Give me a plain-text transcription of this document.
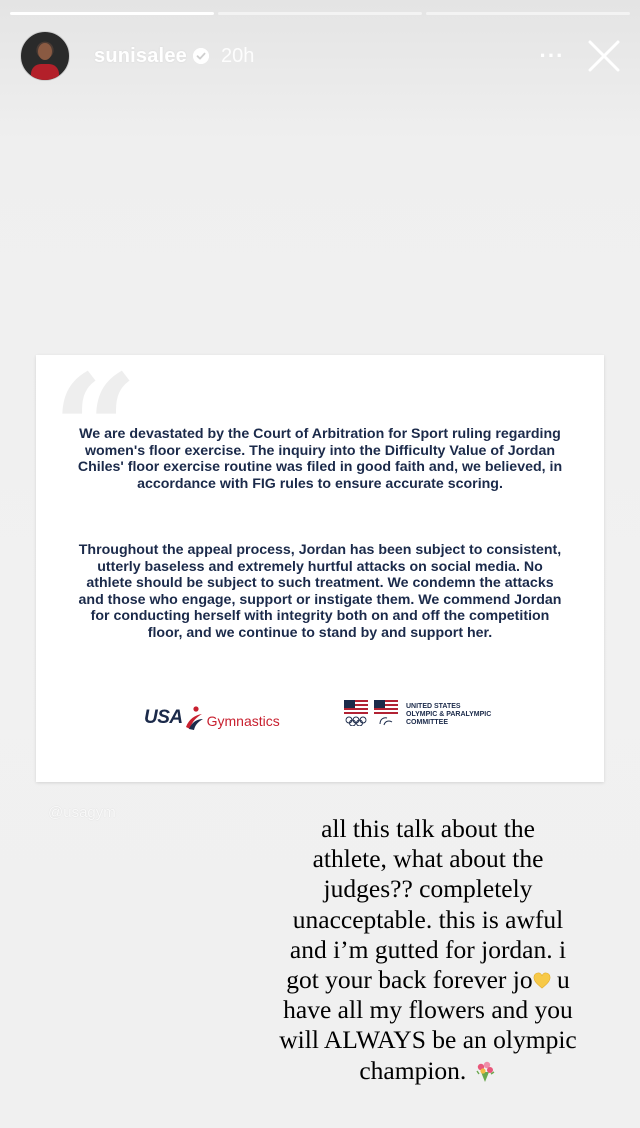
sunisalee 20h	···
“
We are devastated by the Court of Arbitration for Sport ruling regarding women's floor exercise. The inquiry into the Difficulty Value of Jordan Chiles' floor exercise routine was filed in good faith and, we believed, in accordance with FIG rules to ensure accurate scoring.
Throughout the appeal process, Jordan has been subject to consistent, utterly baseless and extremely hurtful attacks on social media. No athlete should be subject to such treatment. We condemn the attacks and those who engage, support or instigate them. We commend Jordan for conducting herself with integrity both on and off the competition floor, and we continue to stand by and support her.
USA Gymnastics
UNITED STATES
OLYMPIC & PARALYMPIC
COMMITTEE
@usagym
all this talk about the
athlete, what about the
judges?? completely
unacceptable. this is awful
and i’m gutted for jordan. i
got your back forever jo u
have all my flowers and you
will ALWAYS be an olympic
champion.
